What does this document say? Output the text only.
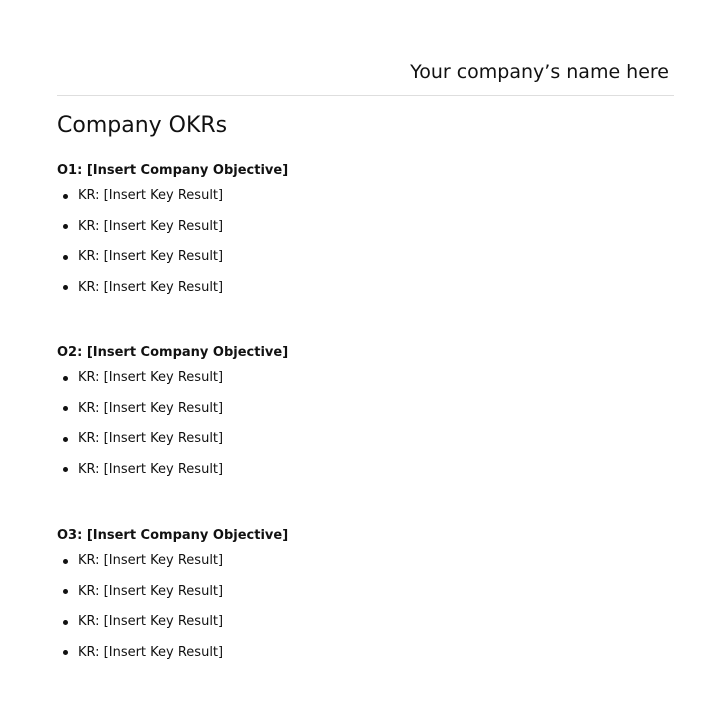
Your company’s name here
Company OKRs
O1: [Insert Company Objective]
KR: [Insert Key Result]
KR: [Insert Key Result]
KR: [Insert Key Result]
KR: [Insert Key Result]
O2: [Insert Company Objective]
KR: [Insert Key Result]
KR: [Insert Key Result]
KR: [Insert Key Result]
KR: [Insert Key Result]
O3: [Insert Company Objective]
KR: [Insert Key Result]
KR: [Insert Key Result]
KR: [Insert Key Result]
KR: [Insert Key Result]
